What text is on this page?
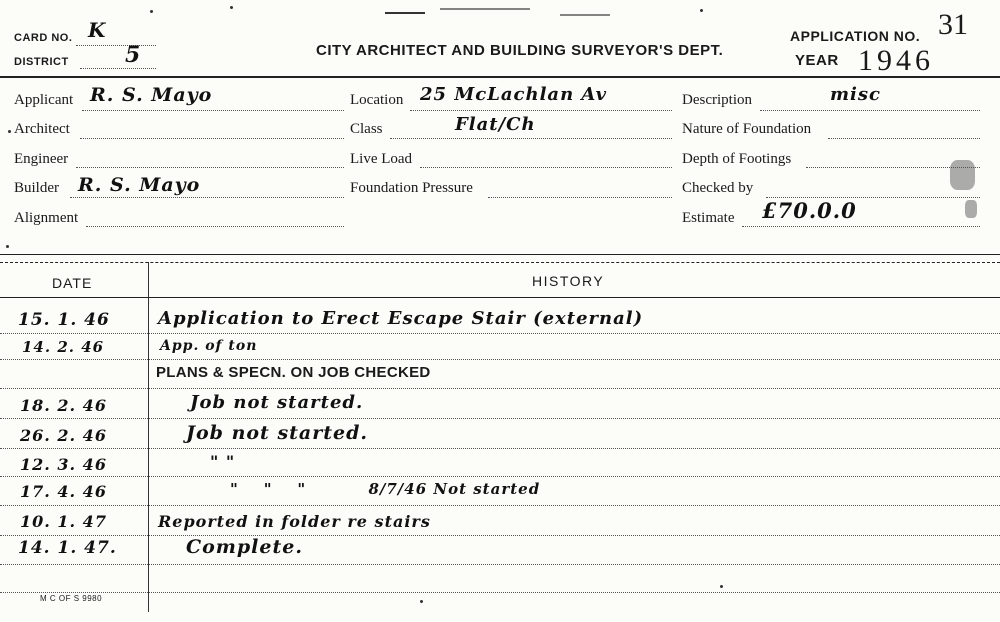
CARD NO. K
DISTRICT	5	CITY ARCHITECT AND BUILDING SURVEYOR'S DEPT.
APPLICATION NO. 31
YEAR 1946
Applicant R. S. Mayo
Architect
Engineer
Builder R. S. Mayo
Alignment
Location 25 McLachlan Av
Class	Flat/Ch
Live Load
Foundation Pressure
Description	misc
Nature of Foundation
Depth of Footings
Checked by
Estimate £70.0.0
DATE	HISTORY
15. 1. 46	Application to Erect Escape Stair (external)
14. 2. 46	App. of ton
PLANS & SPECN. ON JOB CHECKED
18. 2. 46	Job not started.
26. 2. 46	Job not started.
12. 3. 46	" "
17. 4. 46	"    "    "          8/7/46 Not started
10. 1. 47	Reported in folder re stairs
14. 1. 47.	Complete.
M C OF S 9980
